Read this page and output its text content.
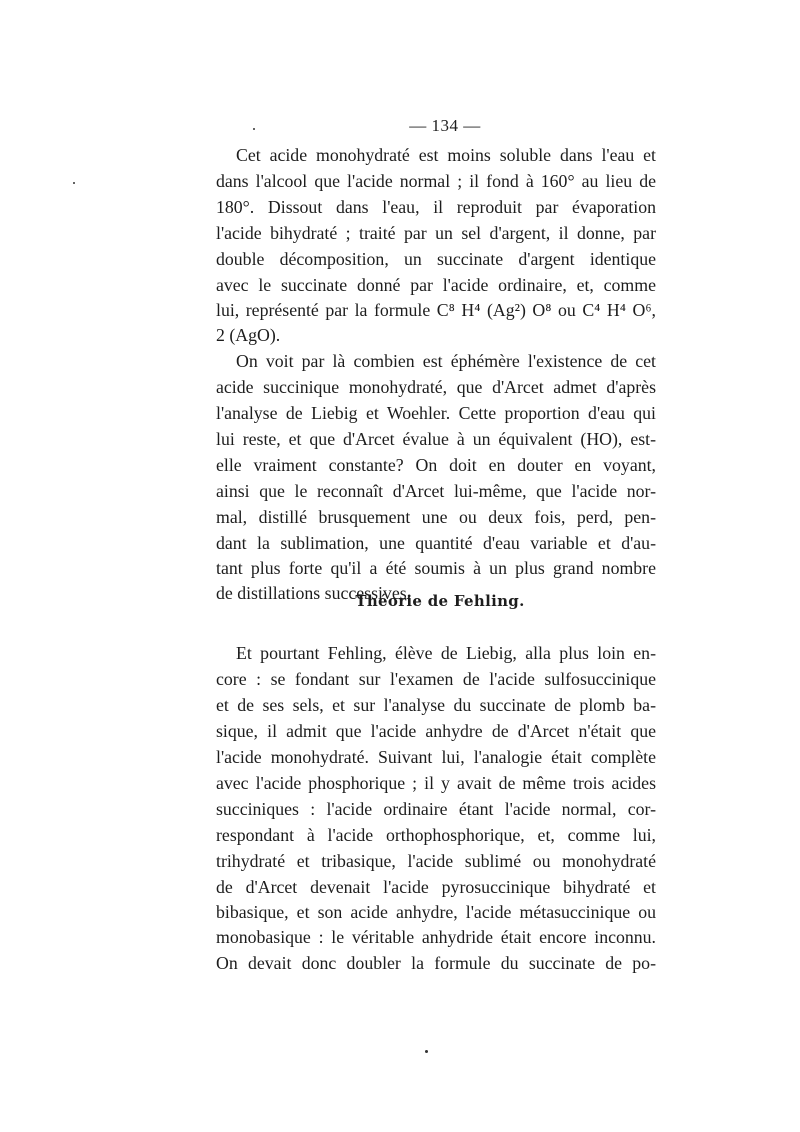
— 134 —
Cet acide monohydraté est moins soluble dans l'eau et
dans l'alcool que l'acide normal ; il fond à 160° au lieu de
180°. Dissout dans l'eau, il reproduit par évaporation
l'acide bihydraté ; traité par un sel d'argent, il donne, par
double décomposition, un succinate d'argent identique
avec le succinate donné par l'acide ordinaire, et, comme
lui, représenté par la formule C⁸ H⁴ (Ag²) O⁸ ou C⁴ H⁴ O⁶,
2 (AgO).
On voit par là combien est éphémère l'existence de cet
acide succinique monohydraté, que d'Arcet admet d'après
l'analyse de Liebig et Woehler. Cette proportion d'eau qui
lui reste, et que d'Arcet évalue à un équivalent (HO), est-
elle vraiment constante? On doit en douter en voyant,
ainsi que le reconnaît d'Arcet lui-même, que l'acide nor-
mal, distillé brusquement une ou deux fois, perd, pen-
dant la sublimation, une quantité d'eau variable et d'au-
tant plus forte qu'il a été soumis à un plus grand nombre
de distillations successives.
Théorie de Fehling.
Et pourtant Fehling, élève de Liebig, alla plus loin en-
core : se fondant sur l'examen de l'acide sulfosuccinique
et de ses sels, et sur l'analyse du succinate de plomb ba-
sique, il admit que l'acide anhydre de d'Arcet n'était que
l'acide monohydraté. Suivant lui, l'analogie était complète
avec l'acide phosphorique ; il y avait de même trois acides
succiniques : l'acide ordinaire étant l'acide normal, cor-
respondant à l'acide orthophosphorique, et, comme lui,
trihydraté et tribasique, l'acide sublimé ou monohydraté
de d'Arcet devenait l'acide pyrosuccinique bihydraté et
bibasique, et son acide anhydre, l'acide métasuccinique ou
monobasique : le véritable anhydride était encore inconnu.
On devait donc doubler la formule du succinate de po-
